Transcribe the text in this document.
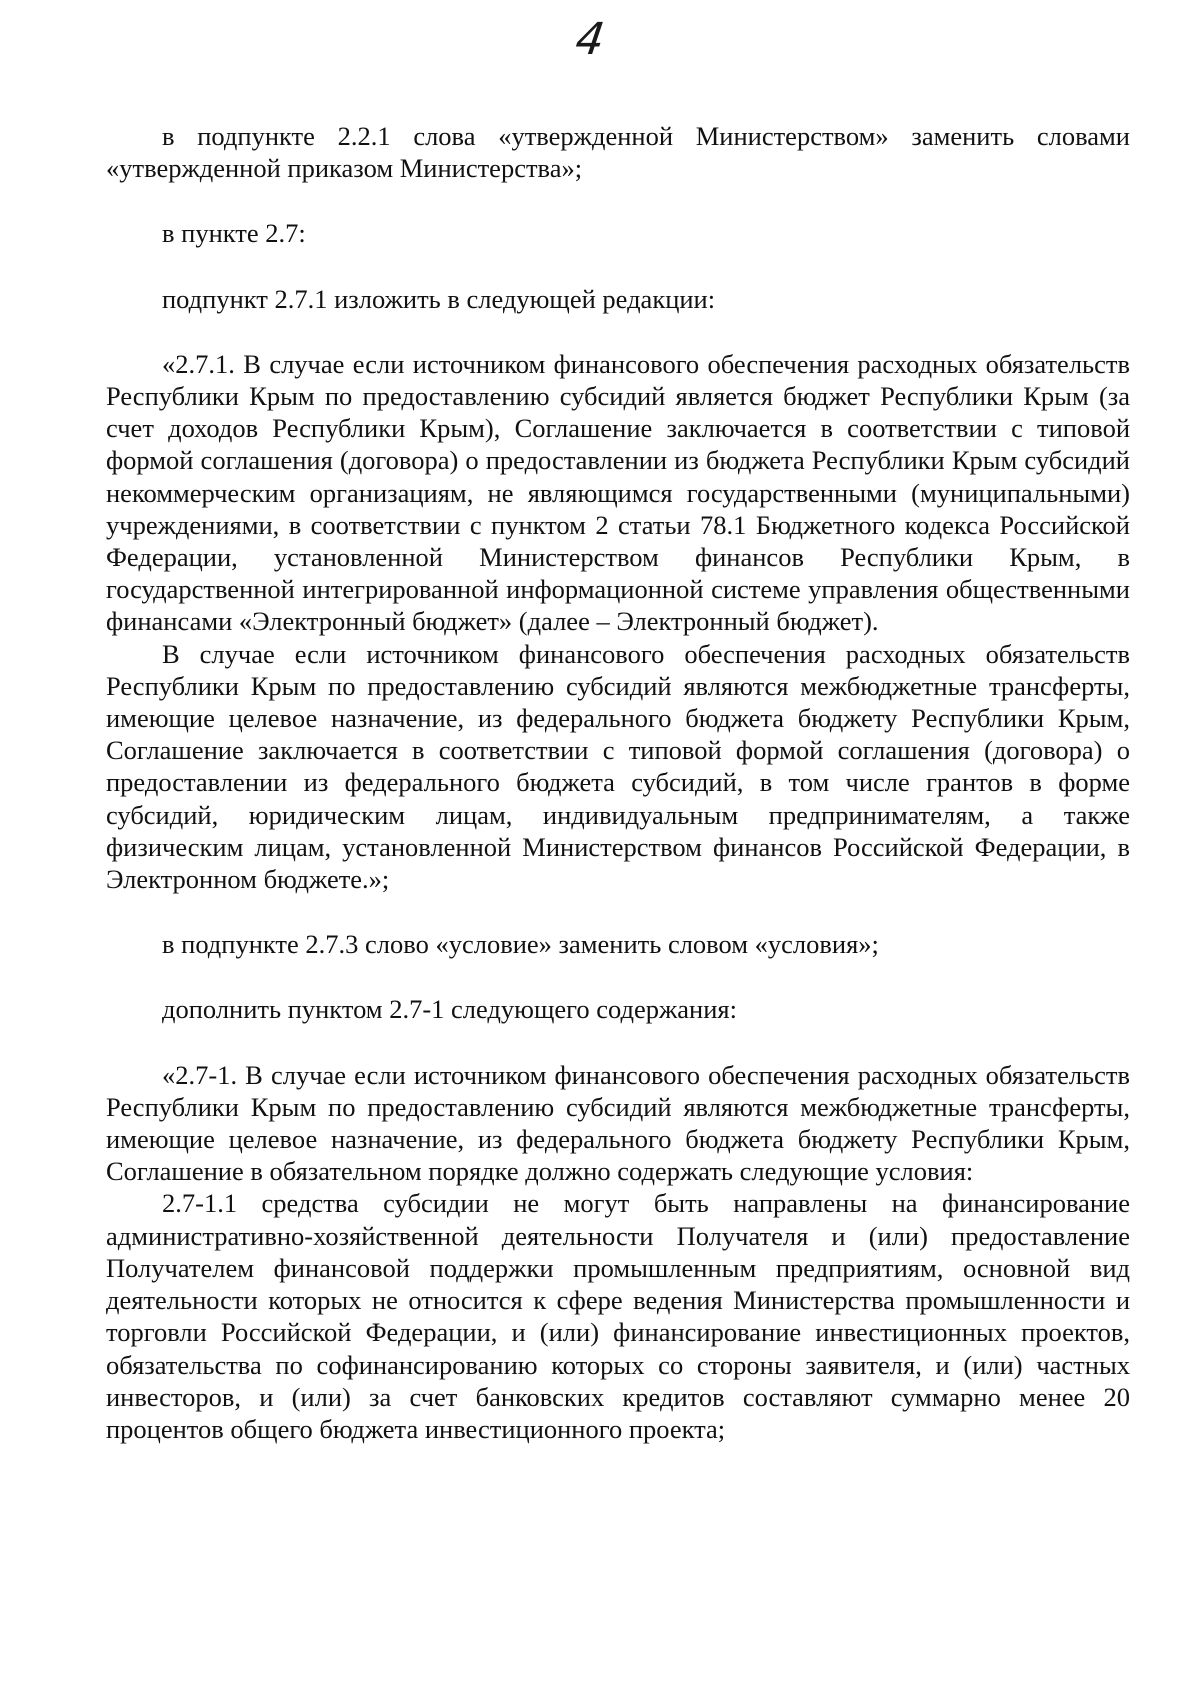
4

в подпункте 2.2.1 слова «утвержденной Министерством» заменить словами «утвержденной приказом Министерства»;

в пункте 2.7:

подпункт 2.7.1 изложить в следующей редакции:

«2.7.1. В случае если источником финансового обеспечения расходных обязательств Республики Крым по предоставлению субсидий является бюджет Республики Крым (за счет доходов Республики Крым), Соглашение заключается в соответствии с типовой формой соглашения (договора) о предоставлении из бюджета Республики Крым субсидий некоммерческим организациям, не являющимся государственными (муниципальными) учреждениями, в соответствии с пунктом 2 статьи 78.1 Бюджетного кодекса Российской Федерации, установленной Министерством финансов Республики Крым, в государственной интегрированной информационной системе управления общественными финансами «Электронный бюджет» (далее – Электронный бюджет).

В случае если источником финансового обеспечения расходных обязательств Республики Крым по предоставлению субсидий являются межбюджетные трансферты, имеющие целевое назначение, из федерального бюджета бюджету Республики Крым, Соглашение заключается в соответствии с типовой формой соглашения (договора) о предоставлении из федерального бюджета субсидий, в том числе грантов в форме субсидий, юридическим лицам, индивидуальным предпринимателям, а также физическим лицам, установленной Министерством финансов Российской Федерации, в Электронном бюджете.»;

в подпункте 2.7.3 слово «условие» заменить словом «условия»;

дополнить пунктом 2.7-1 следующего содержания:

«2.7-1. В случае если источником финансового обеспечения расходных обязательств Республики Крым по предоставлению субсидий являются межбюджетные трансферты, имеющие целевое назначение, из федерального бюджета бюджету Республики Крым, Соглашение в обязательном порядке должно содержать следующие условия:

2.7-1.1 средства субсидии не могут быть направлены на финансирование административно-хозяйственной деятельности Получателя и (или) предоставление Получателем финансовой поддержки промышленным предприятиям, основной вид деятельности которых не относится к сфере ведения Министерства промышленности и торговли Российской Федерации, и (или) финансирование инвестиционных проектов, обязательства по софинансированию которых со стороны заявителя, и (или) частных инвесторов, и (или) за счет банковских кредитов составляют суммарно менее 20 процентов общего бюджета инвестиционного проекта;
